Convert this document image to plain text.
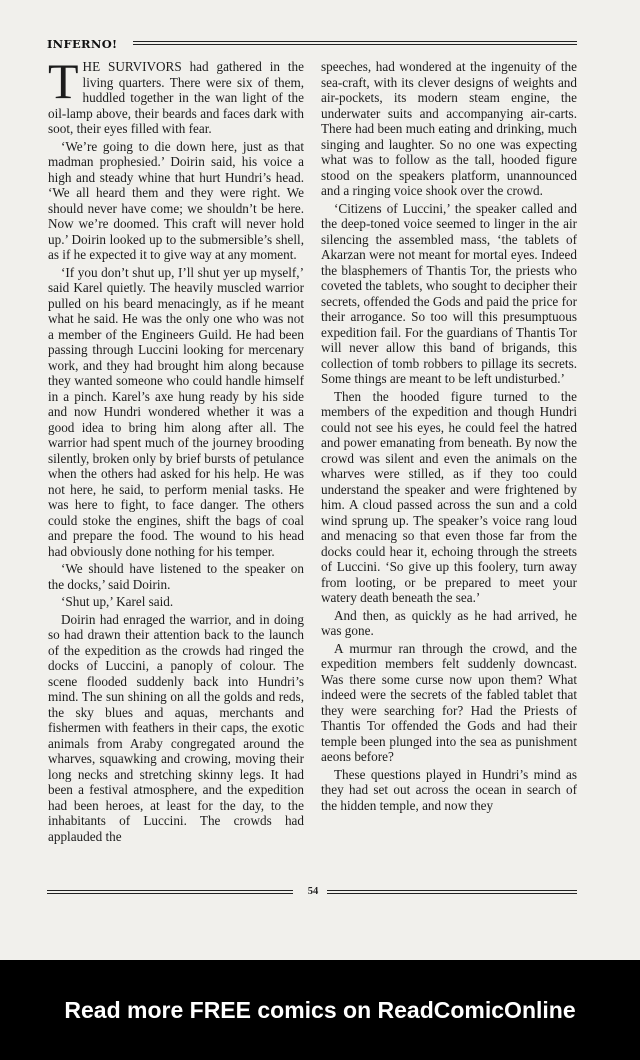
INFERNO!

THE SURVIVORS had gathered in the living quarters. There were six of them, huddled together in the wan light of the oil-lamp above, their beards and faces dark with soot, their eyes filled with fear.

‘We’re going to die down here, just as that madman prophesied.’ Doirin said, his voice a high and steady whine that hurt Hundri’s head. ‘We all heard them and they were right. We should never have come; we shouldn’t be here. Now we’re doomed. This craft will never hold up.’ Doirin looked up to the submersible’s shell, as if he expected it to give way at any moment.

‘If you don’t shut up, I’ll shut yer up myself,’ said Karel quietly. The heavily muscled warrior pulled on his beard menacingly, as if he meant what he said. He was the only one who was not a member of the Engineers Guild. He had been passing through Luccini looking for mercenary work, and they had brought him along because they wanted someone who could handle himself in a pinch. Karel’s axe hung ready by his side and now Hundri wondered whether it was a good idea to bring him along after all. The warrior had spent much of the journey brooding silently, broken only by brief bursts of petulance when the others had asked for his help. He was not here, he said, to perform menial tasks. He was here to fight, to face danger. The others could stoke the engines, shift the bags of coal and prepare the food. The wound to his head had obviously done nothing for his temper.

‘We should have listened to the speaker on the docks,’ said Doirin.

‘Shut up,’ Karel said.

Doirin had enraged the warrior, and in doing so had drawn their attention back to the launch of the expedition as the crowds had ringed the docks of Luccini, a panoply of colour. The scene flooded suddenly back into Hundri’s mind. The sun shining on all the golds and reds, the sky blues and aquas, merchants and fishermen with feathers in their caps, the exotic animals from Araby congregated around the wharves, squawking and crowing, moving their long necks and stretching skinny legs. It had been a festival atmosphere, and the expedition had been heroes, at least for the day, to the inhabitants of Luccini. The crowds had applauded the

speeches, had wondered at the ingenuity of the sea-craft, with its clever designs of weights and air-pockets, its modern steam engine, the underwater suits and accompanying air-carts. There had been much eating and drinking, much singing and laughter. So no one was expecting what was to follow as the tall, hooded figure stood on the speakers platform, unannounced and a ringing voice shook over the crowd.

‘Citizens of Luccini,’ the speaker called and the deep-toned voice seemed to linger in the air silencing the assembled mass, ‘the tablets of Akarzan were not meant for mortal eyes. Indeed the blasphemers of Thantis Tor, the priests who coveted the tablets, who sought to decipher their secrets, offended the Gods and paid the price for their arrogance. So too will this presumptuous expedition fail. For the guardians of Thantis Tor will never allow this band of brigands, this collection of tomb robbers to pillage its secrets. Some things are meant to be left undisturbed.’

Then the hooded figure turned to the members of the expedition and though Hundri could not see his eyes, he could feel the hatred and power emanating from beneath. By now the crowd was silent and even the animals on the wharves were stilled, as if they too could understand the speaker and were frightened by him. A cloud passed across the sun and a cold wind sprung up. The speaker’s voice rang loud and menacing so that even those far from the docks could hear it, echoing through the streets of Luccini. ‘So give up this foolery, turn away from looting, or be prepared to meet your watery death beneath the sea.’

And then, as quickly as he had arrived, he was gone.

A murmur ran through the crowd, and the expedition members felt suddenly downcast. Was there some curse now upon them? What indeed were the secrets of the fabled tablet that they were searching for? Had the Priests of Thantis Tor offended the Gods and had their temple been plunged into the sea as punishment aeons before?

These questions played in Hundri’s mind as they had set out across the ocean in search of the hidden temple, and now they

54
Read more FREE comics on ReadComicOnline
